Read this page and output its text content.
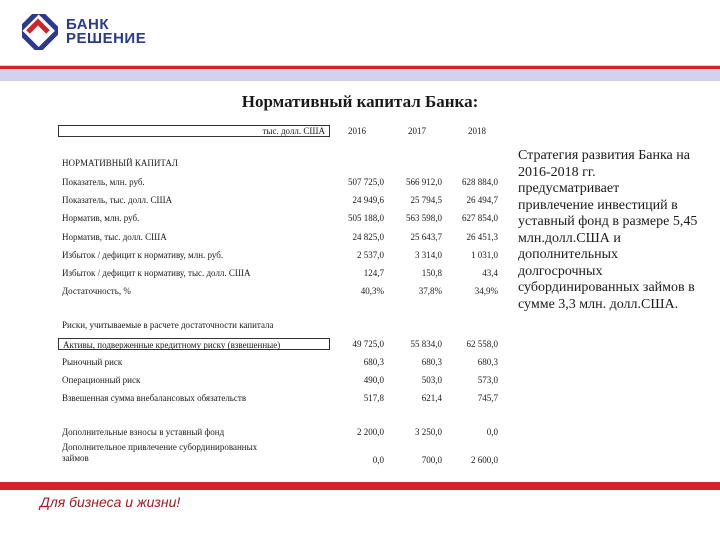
БАНК
РЕШЕНИЕ
Нормативный капитал Банка:
тыс. долл. США	2016	2017	2018
НОРМАТИВНЫЙ КАПИТАЛ
Показатель, млн. руб.	507 725,0	566 912,0	628 884,0
Показатель, тыс. долл. США	24 949,6	25 794,5	26 494,7
Норматив, млн. руб.	505 188,0	563 598,0	627 854,0
Норматив, тыс. долл. США	24 825,0	25 643,7	26 451,3
Избыток / дефицит к нормативу, млн. руб.	2 537,0	3 314,0	1 031,0
Избыток / дефицит к нормативу, тыс. долл. США	124,7	150,8	43,4
Достаточность, %	40,3%	37,8%	34,9%
Риски, учитываемые в расчете достаточности капитала
Активы, подверженные кредитному риску (взвешенные)	49 725,0	55 834,0	62 558,0
Рыночный риск	680,3	680,3	680,3
Операционный риск	490,0	503,0	573,0
Взвешенная сумма внебалансовых обязательств	517,8	621,4	745,7
Дополнительные взносы в уставный фонд	2 200,0	3 250,0	0,0
Дополнительное привлечение субординированных
займов	0,0	700,0	2 600,0
Стратегия развития Банка на 2016-2018 гг. предусматривает привлечение инвестиций в уставный фонд в размере 5,45 млн.долл.США и дополнительных долгосрочных субординированных займов в сумме 3,3 млн. долл.США.
Для бизнеса и жизни!
